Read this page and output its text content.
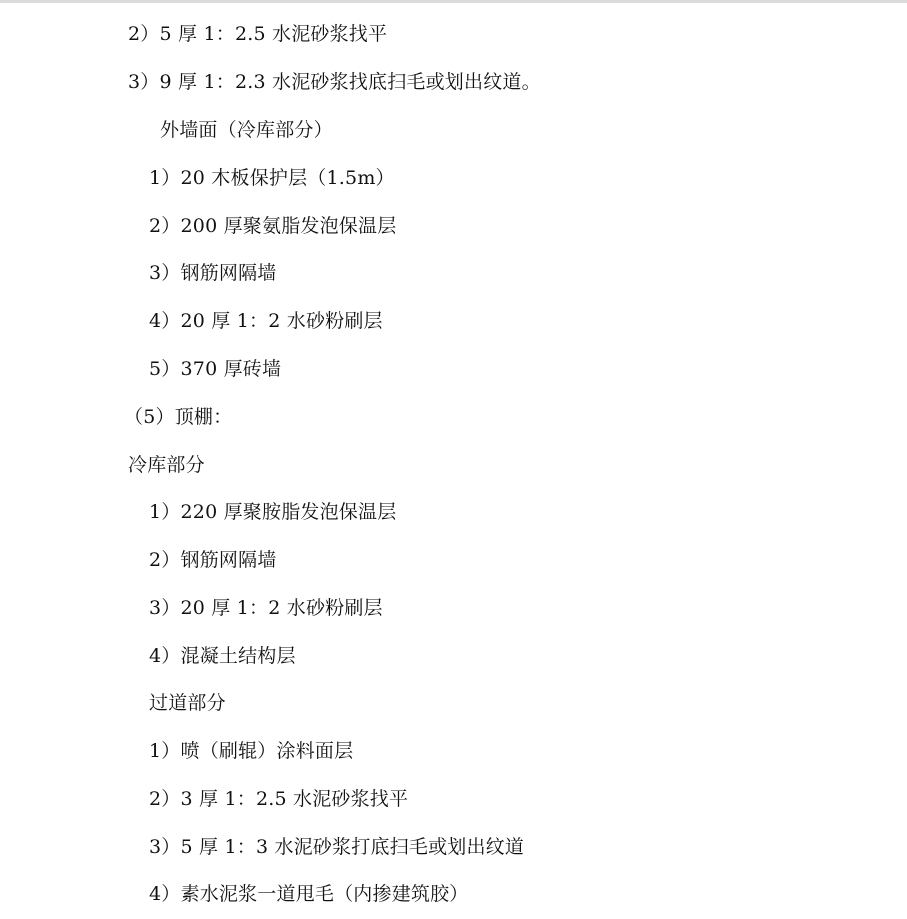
2）5 厚 1：2.5 水泥砂浆找平
3）9 厚 1：2.3 水泥砂浆找底扫毛或划出纹道。
外墙面（冷库部分）
1）20 木板保护层（1.5m）
2）200 厚聚氨脂发泡保温层
3）钢筋网隔墙
4）20 厚 1：2 水砂粉刷层
5）370 厚砖墙
（5）顶棚：
冷库部分
1）220 厚聚胺脂发泡保温层
2）钢筋网隔墙
3）20 厚 1：2 水砂粉刷层
4）混凝土结构层
过道部分
1）喷（刷辊）涂料面层
2）3 厚 1：2.5 水泥砂浆找平
3）5 厚 1：3 水泥砂浆打底扫毛或划出纹道
4）素水泥浆一道甩毛（内掺建筑胶）
